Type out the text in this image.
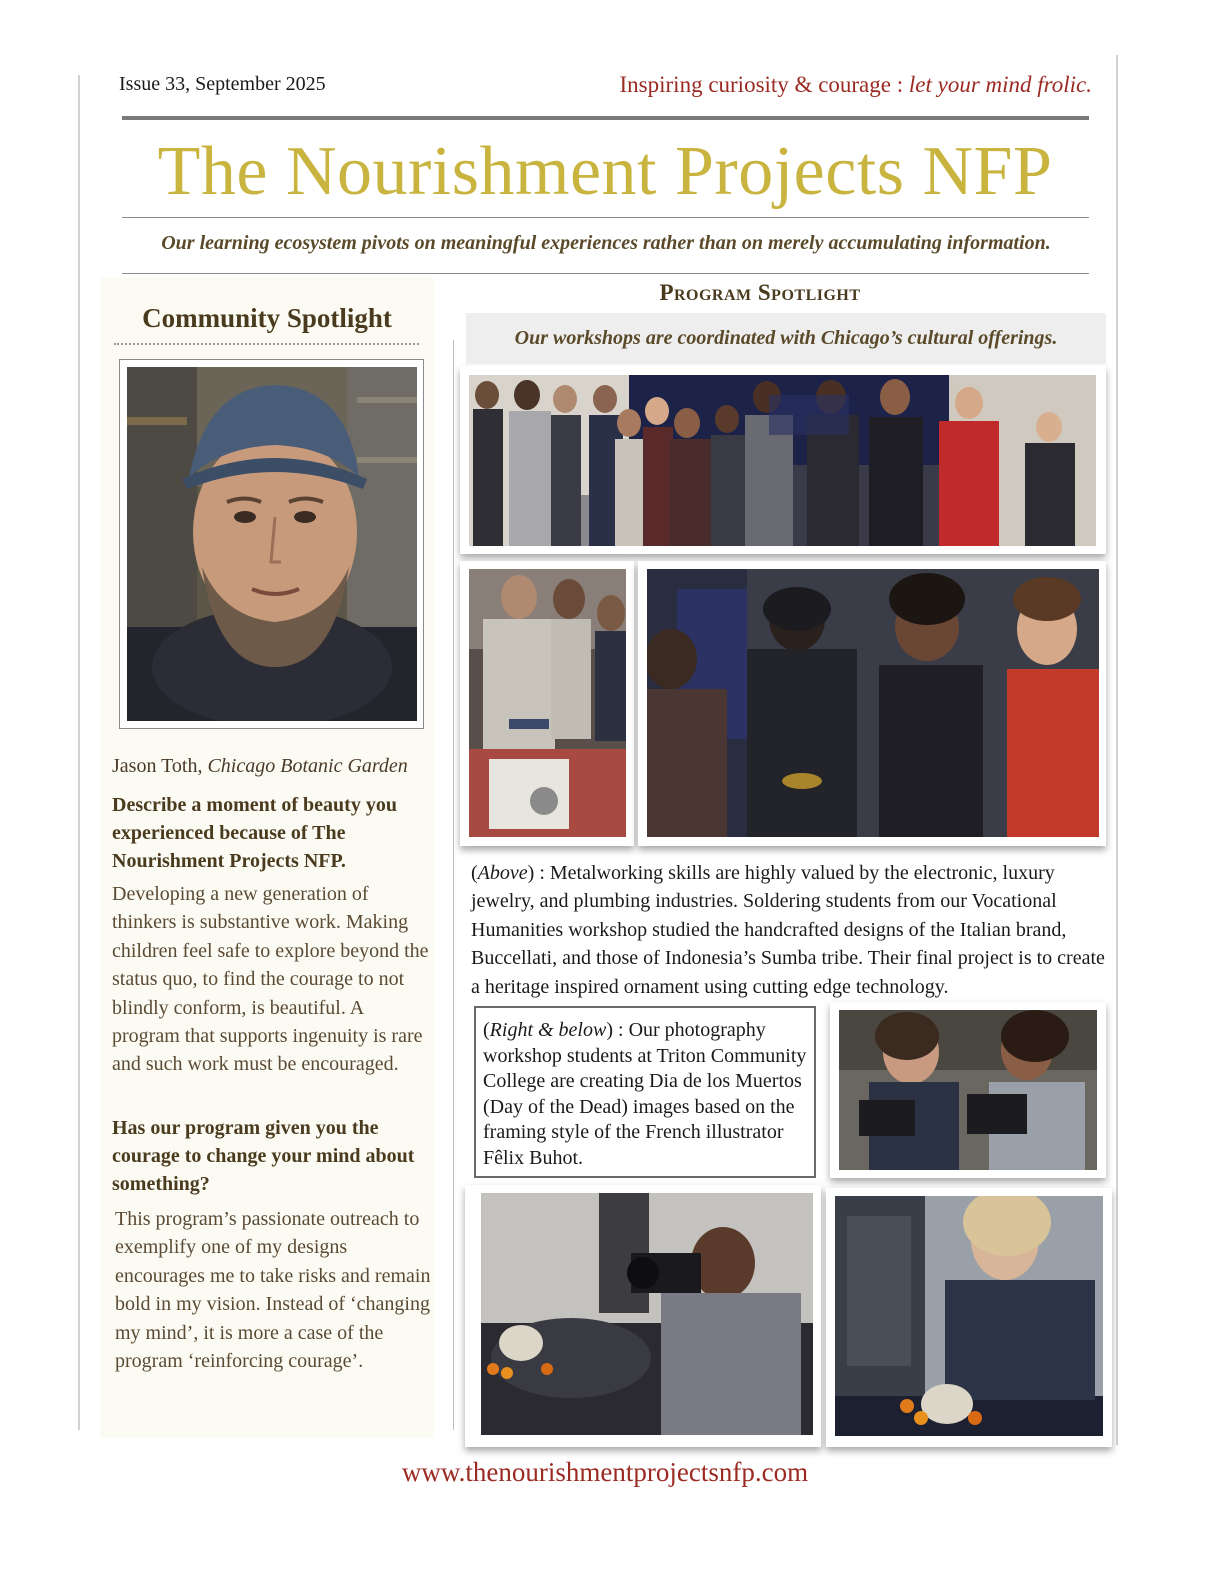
Issue 33, September 2025	Inspiring curiosity & courage : let your mind frolic.
The Nourishment Projects NFP
Our learning ecosystem pivots on meaningful experiences rather than on merely accumulating information.
Community Spotlight
Jason Toth, Chicago Botanic Garden

Describe a moment of beauty you experienced because of The Nourishment Projects NFP.

Developing a new generation of thinkers is substantive work. Making children feel safe to explore beyond the status quo, to find the courage to not blindly conform, is beautiful. A program that supports ingenuity is rare and such work must be encouraged.

Has our program given you the courage to change your mind about something?

This program’s passionate outreach to exemplify one of my designs encourages me to take risks and remain bold in my vision. Instead of ‘changing my mind’, it is more a case of the program ‘reinforcing courage’.

Program Spotlight
Our workshops are coordinated with Chicago’s cultural offerings.

(Above) : Metalworking skills are highly valued by the electronic, luxury jewelry, and plumbing industries. Soldering students from our Vocational Humanities workshop studied the handcrafted designs of the Italian brand, Buccellati, and those of Indonesia’s Sumba tribe. Their final project is to create a heritage inspired ornament using cutting edge technology.

(Right & below) : Our photography workshop students at Triton Community College are creating Dia de los Muertos (Day of the Dead) images based on the framing style of the French illustrator Fêlix Buhot.

www.thenourishmentprojectsnfp.com
